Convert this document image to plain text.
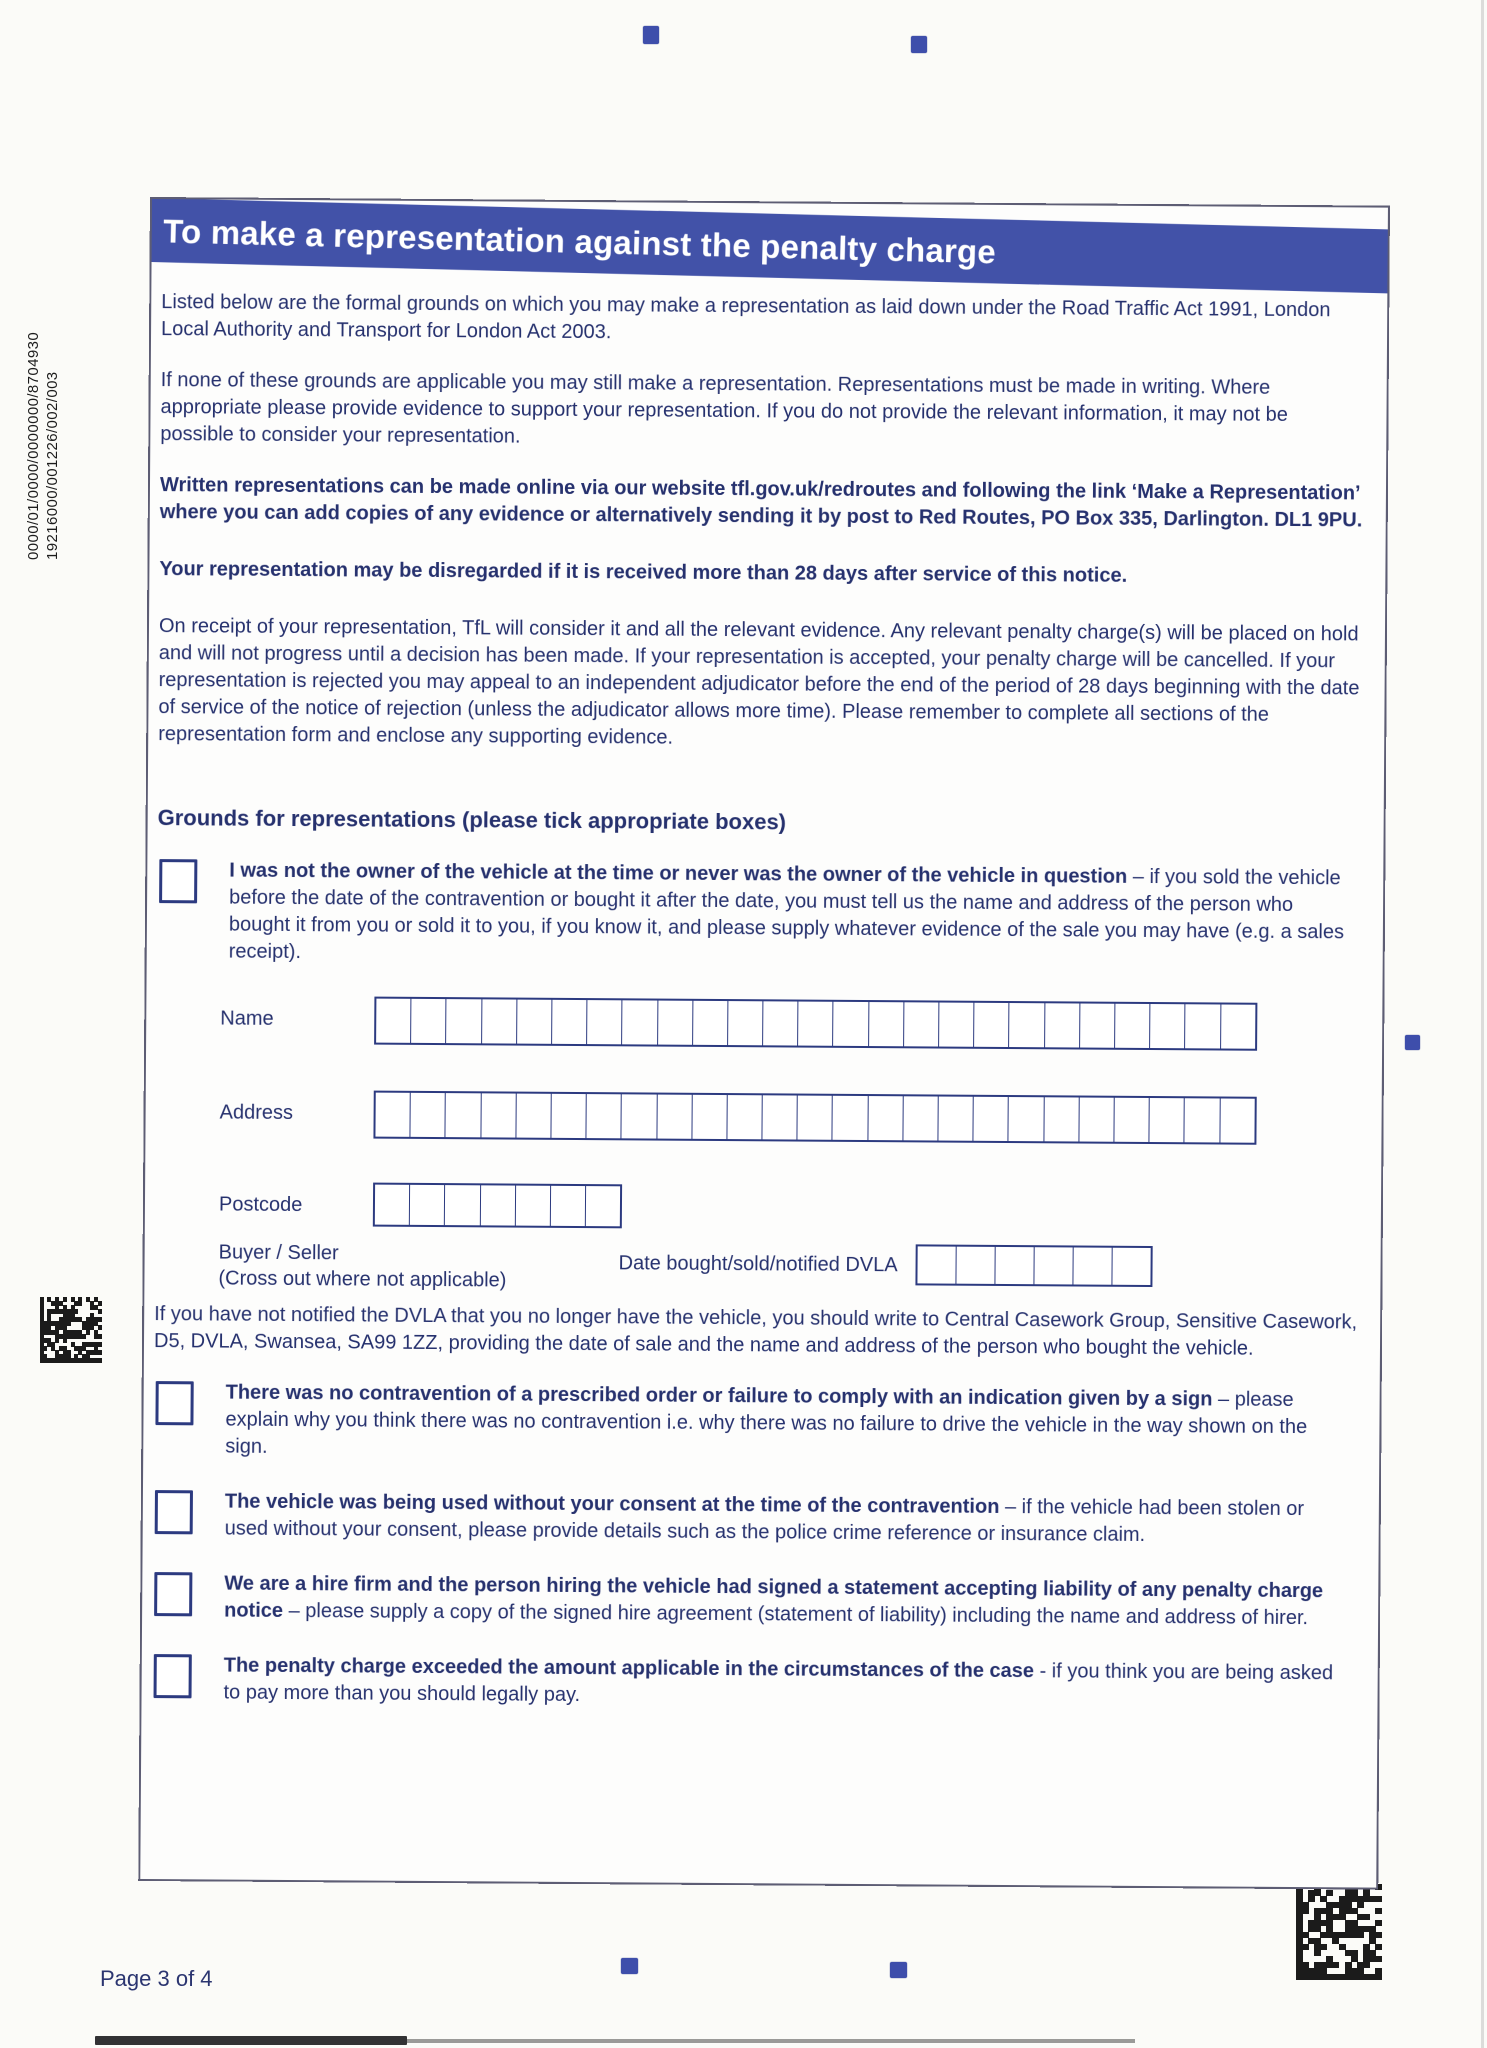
0000/01/0000/0000000/8704930 19216000/001226/002/003
To make a representation against the penalty charge

Listed below are the formal grounds on which you may make a representation as laid down under the Road Traffic Act 1991, London Local Authority and Transport for London Act 2003.

If none of these grounds are applicable you may still make a representation. Representations must be made in writing. Where appropriate please provide evidence to support your representation. If you do not provide the relevant information, it may not be possible to consider your representation.

Written representations can be made online via our website tfl.gov.uk/redroutes and following the link ‘Make a Representation’ where you can add copies of any evidence or alternatively sending it by post to Red Routes, PO Box 335, Darlington. DL1 9PU.

Your representation may be disregarded if it is received more than 28 days after service of this notice.

On receipt of your representation, TfL will consider it and all the relevant evidence. Any relevant penalty charge(s) will be placed on hold and will not progress until a decision has been made. If your representation is accepted, your penalty charge will be cancelled. If your representation is rejected you may appeal to an independent adjudicator before the end of the period of 28 days beginning with the date of service of the notice of rejection (unless the adjudicator allows more time). Please remember to complete all sections of the representation form and enclose any supporting evidence.

Grounds for representations (please tick appropriate boxes)
I was not the owner of the vehicle at the time or never was the owner of the vehicle in question – if you sold the vehicle before the date of the contravention or bought it after the date, you must tell us the name and address of the person who bought it from you or sold it to you, if you know it, and please supply whatever evidence of the sale you may have (e.g. a sales receipt).
Name
Address
Postcode
Buyer / Seller
(Cross out where not applicable)
Date bought/sold/notified DVLA

If you have not notified the DVLA that you no longer have the vehicle, you should write to Central Casework Group, Sensitive Casework, D5, DVLA, Swansea, SA99 1ZZ, providing the date of sale and the name and address of the person who bought the vehicle.

There was no contravention of a prescribed order or failure to comply with an indication given by a sign – please explain why you think there was no contravention i.e. why there was no failure to drive the vehicle in the way shown on the sign.
The vehicle was being used without your consent at the time of the contravention – if the vehicle had been stolen or used without your consent, please provide details such as the police crime reference or insurance claim.
We are a hire firm and the person hiring the vehicle had signed a statement accepting liability of any penalty charge notice – please supply a copy of the signed hire agreement (statement of liability) including the name and address of hirer.
The penalty charge exceeded the amount applicable in the circumstances of the case - if you think you are being asked to pay more than you should legally pay.
Page 3 of 4
